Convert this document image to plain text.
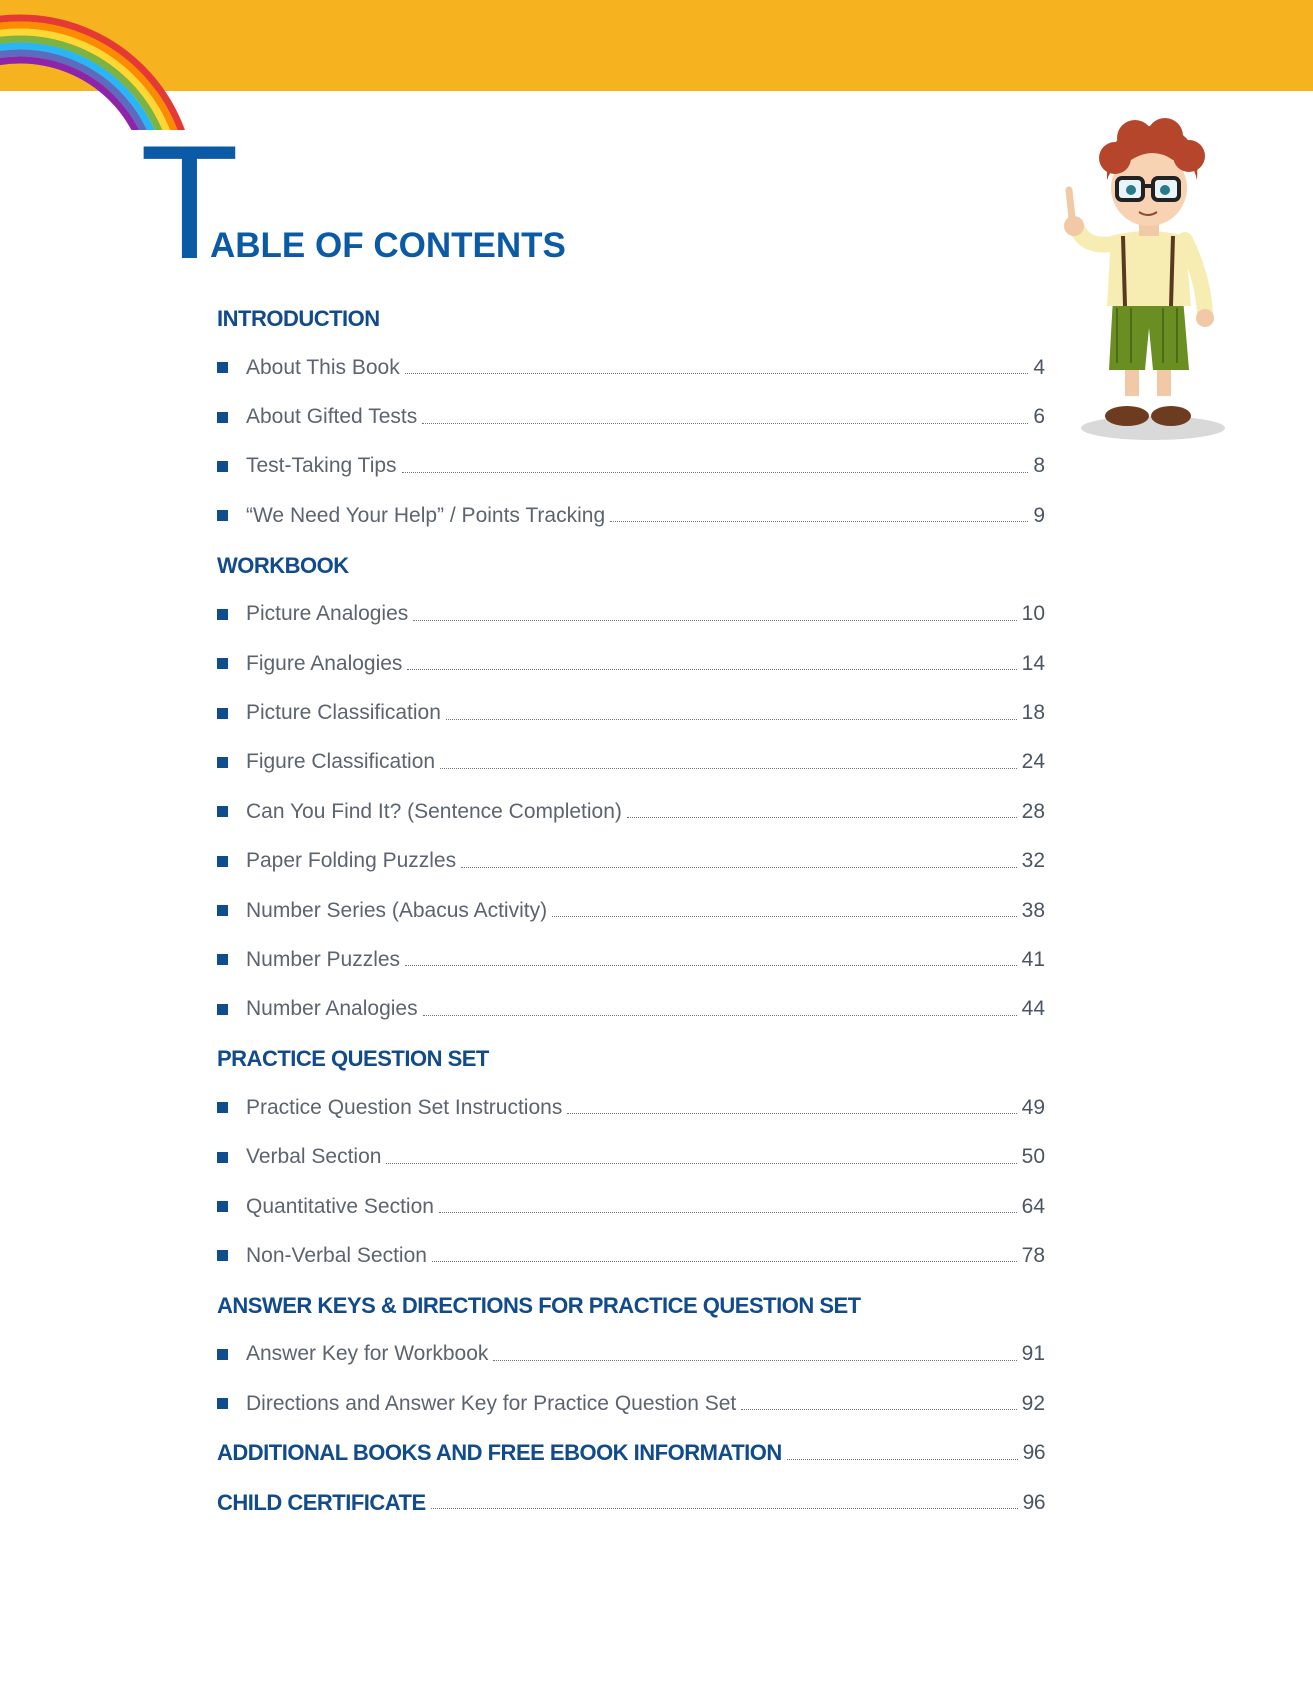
T
ABLE OF CONTENTS
INTRODUCTION
About This Book	4
About Gifted Tests	6
Test-Taking Tips	8
“We Need Your Help” / Points Tracking	9
WORKBOOK
Picture Analogies	10
Figure Analogies	14
Picture Classification	18
Figure Classification	24
Can You Find It? (Sentence Completion)	28
Paper Folding Puzzles	32
Number Series (Abacus Activity)	38
Number Puzzles	41
Number Analogies	44
PRACTICE QUESTION SET
Practice Question Set Instructions	49
Verbal Section	50
Quantitative Section	64
Non-Verbal Section	78
ANSWER KEYS & DIRECTIONS FOR PRACTICE QUESTION SET
Answer Key for Workbook	91
Directions and Answer Key for Practice Question Set	92
ADDITIONAL BOOKS AND FREE EBOOK INFORMATION	96
CHILD CERTIFICATE	96
